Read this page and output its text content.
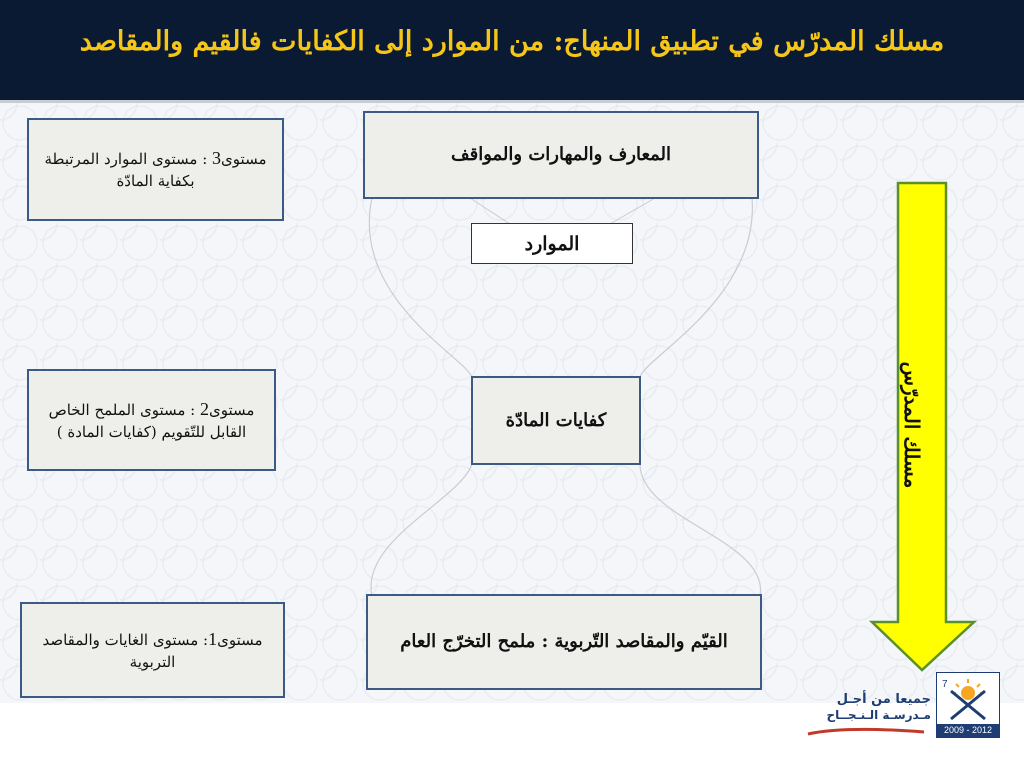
مسلك المدرّس في تطبيق المنهاج: من الموارد إلى الكفايات فالقيم والمقاصد
مستوى3 : مستوى الموارد المرتبطة بكفاية المادّة
مستوى2 : مستوى الملمح الخاص القابل للتّقويم (كفايات المادة )
مستوى1: مستوى الغايات والمقاصد التربوية
المعارف والمهارات والمواقف
الموارد
كفايات المادّة
القيّم والمقاصد التّربوية : ملمح التخرّج العام
مسلك المدرّس
جميعا من أجـل
مـدرسـة الـنـجــاح
7
2009 - 2012
